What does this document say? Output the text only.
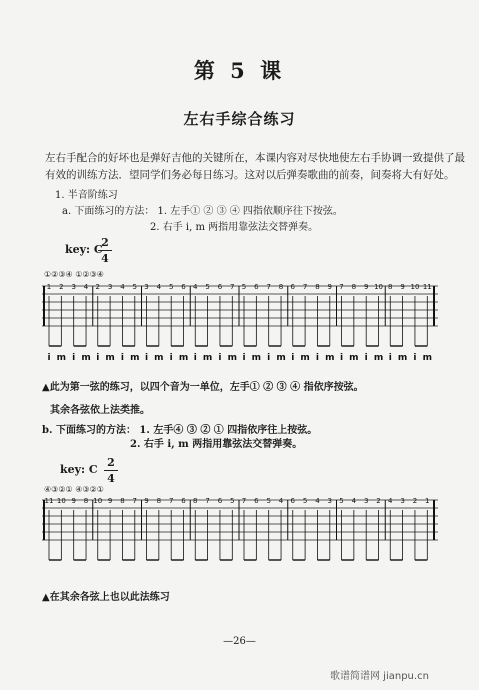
第 5 课
左右手综合练习
左右手配合的好坏也是弹好吉他的关键所在，本课内容对尽快地使左右手协调一致提供了最
有效的训练方法．望同学们务必每日练习。这对以后弹奏歌曲的前奏，间奏将大有好处。
1. 半音阶练习
a. 下面练习的方法： 1. 左手① ② ③ ④ 四指依顺序往下按弦。
2. 右手 i, m 两指用靠弦法交替弹奏。
key: C
2
4
1 2 3 4 2 3 4 5 3 4 5 6 4 5 6 7 5 6 7 8 6 7 8 9 7 8 9 10 8 9 10 11
i m i m i m i m i m i m i m i m i m i m i m i m i m i m i m i m
①②③④ ①②③④
▲此为第一弦的练习，以四个音为一单位，左手① ② ③ ④ 指依序按弦。
其余各弦依上法类推。
b. 下面练习的方法： 1. 左手④ ③ ② ① 四指依序往上按弦。
2. 右手 i, m 两指用靠弦法交替弹奏。
key: C
2
4
11 10 9 8 10 9 8 7 9 8 7 6 8 7 6 5 7 6 5 4 6 5 4 3 5 4 3 2 4 3 2 1
④③②① ④③②①
▲在其余各弦上也以此法练习
—26—
歌谱简谱网 jianpu.cn
